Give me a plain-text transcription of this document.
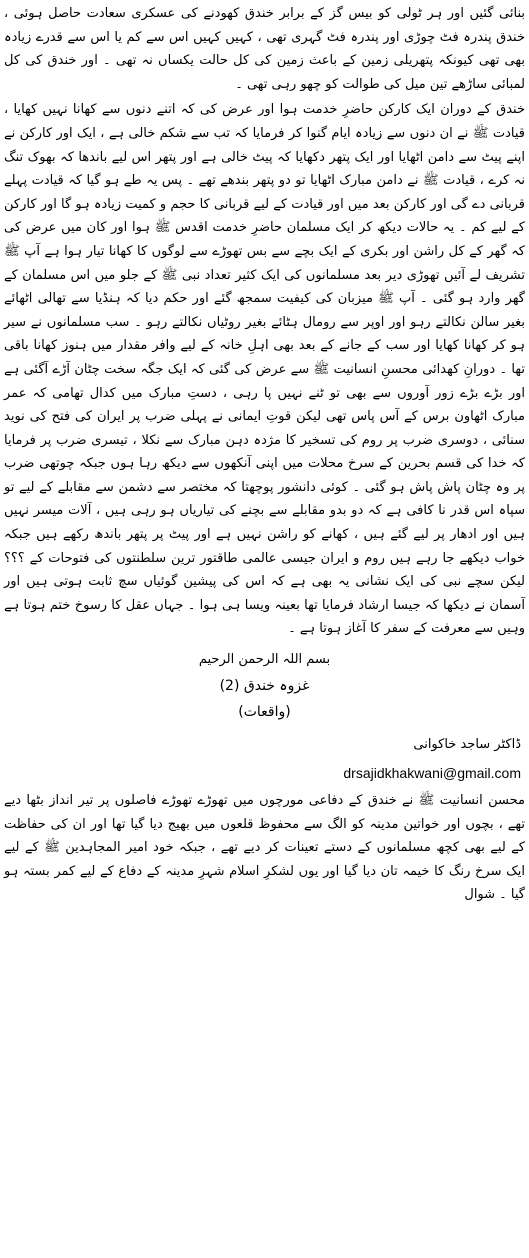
بنائی گئیں اور ہر ٹولی کو بیس گز کے برابر خندق کھودنے کی عسکری سعادت حاصل ہوئی ، خندق پندرہ فٹ چوڑی اور پندرہ فٹ گہری تھی ، کہیں کہیں اس سے کم یا اس سے قدرے زیادہ بھی تھی کیونکہ پتھریلی زمین کے باعث زمین کی کل حالت یکساں نہ تھی ۔ اور خندق کی کل لمبائی ساڑھے تین میل کی طوالت کو چھو رہی تھی ۔

خندق کے دوران ایک کارکن حاضرِ خدمت ہوا اور عرض کی کہ اتنے دنوں سے کھانا نہیں کھایا ، قیادت ﷺ نے ان دنوں سے زیادہ ایام گنوا کر فرمایا کہ تب سے شکم خالی ہے ، ایک اور کارکن نے اپنے پیٹ سے دامن اٹھایا اور ایک پتھر دکھایا کہ پیٹ خالی ہے اور پتھر اس لیے باندھا کہ بھوک تنگ نہ کرے ، قیادت ﷺ نے دامن مبارک اٹھایا تو دو پتھر بندھے تھے ۔ پس یہ طے ہو گیا کہ قیادت پہلے قربانی دے گی اور کارکن بعد میں اور قیادت کے لیے قربانی کا حجم و کمیت زیادہ ہو گا اور کارکن کے لیے کم ۔ یہ حالات دیکھ کر ایک مسلمان حاضرِ خدمت اقدس ﷺ ہوا اور کان میں عرض کی کہ گھر کے کل راشن اور بکری کے ایک بچے سے بس تھوڑے سے لوگوں کا کھانا تیار ہوا ہے آپ ﷺ تشریف لے آئیں تھوڑی دیر بعد مسلمانوں کی ایک کثیر تعداد نبی ﷺ کے جلو میں اس مسلمان کے گھر وارد ہو گئی ۔ آپ ﷺ میزبان کی کیفیت سمجھ گئے اور حکم دیا کہ ہنڈیا سے تھالی اٹھائے بغیر سالن نکالتے رہو اور اوپر سے رومال ہٹائے بغیر روٹیاں نکالتے رہو ۔ سب مسلمانوں نے سیر ہو کر کھانا کھایا اور سب کے جانے کے بعد بھی اہلِ خانہ کے لیے وافر مقدار میں ہنوز کھانا باقی تھا ۔ دورانِ کھدائی محسنِ انسانیت ﷺ سے عرض کی گئی کہ ایک جگہ سخت چٹان آڑے آگئی ہے اور بڑے بڑے زور آوروں سے بھی تو ٹنے نہیں پا رہی ، دستِ مبارک میں کدال تھامی کہ عمر مبارک اٹھاون برس کے آس پاس تھی لیکن قوتِ ایمانی نے پہلی ضرب پر ایران کی فتح کی نوید سنائی ، دوسری ضرب پر روم کی تسخیر کا مژدہ دہن مبارک سے نکلا ، تیسری ضرب پر فرمایا کہ خدا کی قسم بحرین کے سرخ محلات میں اپنی آنکھوں سے دیکھ رہا ہوں جبکہ چوتھی ضرب پر وہ چٹان پاش پاش ہو گئی ۔ کوئی دانشور پوچھتا کہ مختصر سے دشمن سے مقابلے کے لیے تو سپاہ اس قدر نا کافی ہے کہ دو بدو مقابلے سے بچنے کی تیاریاں ہو رہی ہیں ، آلات میسر نہیں ہیں اور ادھار پر لیے گئے ہیں ، کھانے کو راشن نہیں ہے اور پیٹ پر پتھر باندھ رکھے ہیں جبکہ خواب دیکھے جا رہے ہیں روم و ایران جیسی عالمی طاقتور ترین سلطنتوں کی فتوحات کے ؟؟؟ لیکن سچے نبی کی ایک نشانی یہ بھی ہے کہ اس کی پیشین گوئیاں سچ ثابت ہوتی ہیں اور آسمان نے دیکھا کہ جیسا ارشاد فرمایا تھا بعینہ ویسا ہی ہوا ۔ جہاں عقل کا رسوخ ختم ہوتا ہے وہیں سے معرفت کے سفر کا آغاز ہوتا ہے ۔

بسم اللہ الرحمن الرحیم

غزوہ خندق (2)

(واقعات)

ڈاکٹر ساجد خاکوانی

drsajidkhakwani@gmail.com

محسن انسانیت ﷺ نے خندق کے دفاعی مورچوں میں تھوڑے تھوڑے فاصلوں پر تیر انداز بٹھا دیے تھے ، بچوں اور خواتین مدینہ کو الگ سے محفوظ قلعوں میں بھیج دیا گیا تھا اور ان کی حفاظت کے لیے بھی کچھ مسلمانوں کے دستے تعینات کر دیے تھے ، جبکہ خود امیر المجاہدین ﷺ کے لیے ایک سرخ رنگ کا خیمہ تان دیا گیا اور یوں لشکرِ اسلام شہرِ مدینہ کے دفاع کے لیے کمر بستہ ہو گیا ۔ شوال
